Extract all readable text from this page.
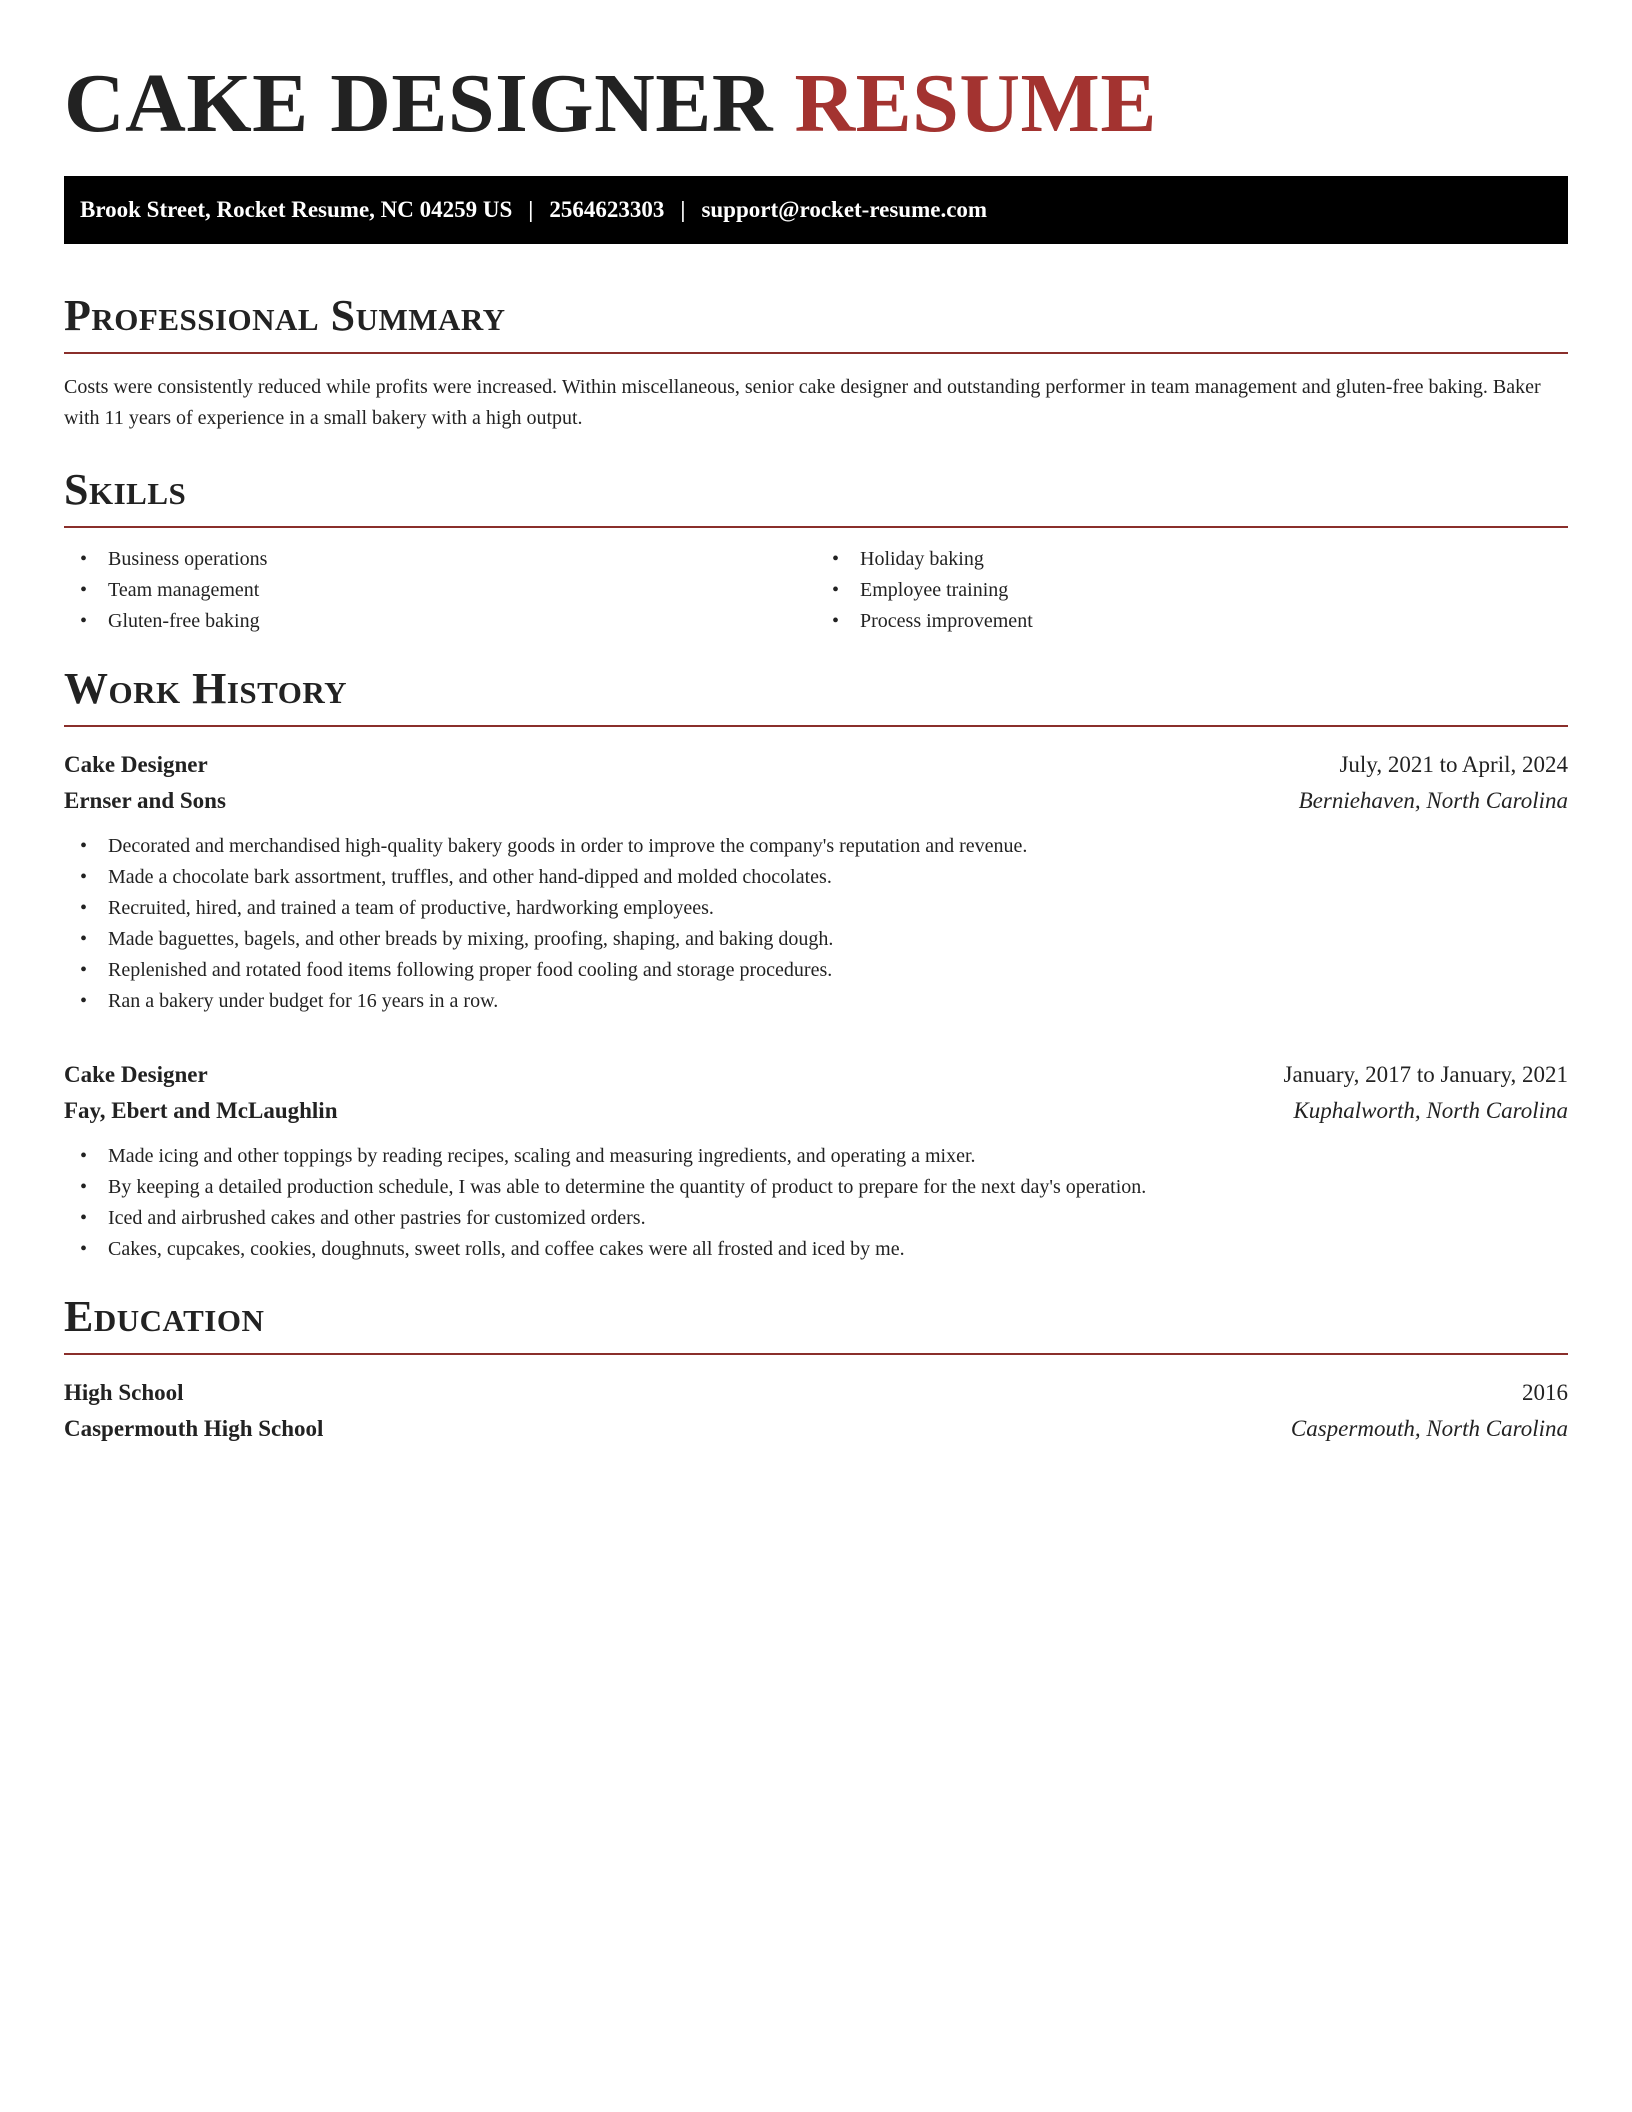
CAKE DESIGNER RESUME
Brook Street, Rocket Resume, NC 04259 US | 2564623303 | support@rocket-resume.com
Professional Summary

Costs were consistently reduced while profits were increased. Within miscellaneous, senior cake designer and outstanding performer in team management and gluten-free baking. Baker with 11 years of experience in a small bakery with a high output.

Skills
• Business operations
• Team management
• Gluten-free baking
• Holiday baking
• Employee training
• Process improvement
Work History
Cake Designer	July, 2021 to April, 2024
Ernser and Sons	Berniehaven, North Carolina
• Decorated and merchandised high-quality bakery goods in order to improve the company's reputation and revenue.
• Made a chocolate bark assortment, truffles, and other hand-dipped and molded chocolates.
• Recruited, hired, and trained a team of productive, hardworking employees.
• Made baguettes, bagels, and other breads by mixing, proofing, shaping, and baking dough.
• Replenished and rotated food items following proper food cooling and storage procedures.
• Ran a bakery under budget for 16 years in a row.
Cake Designer	January, 2017 to January, 2021
Fay, Ebert and McLaughlin	Kuphalworth, North Carolina
• Made icing and other toppings by reading recipes, scaling and measuring ingredients, and operating a mixer.
• By keeping a detailed production schedule, I was able to determine the quantity of product to prepare for the next day's operation.
• Iced and airbrushed cakes and other pastries for customized orders.
• Cakes, cupcakes, cookies, doughnuts, sweet rolls, and coffee cakes were all frosted and iced by me.
Education
High School	2016
Caspermouth High School	Caspermouth, North Carolina
